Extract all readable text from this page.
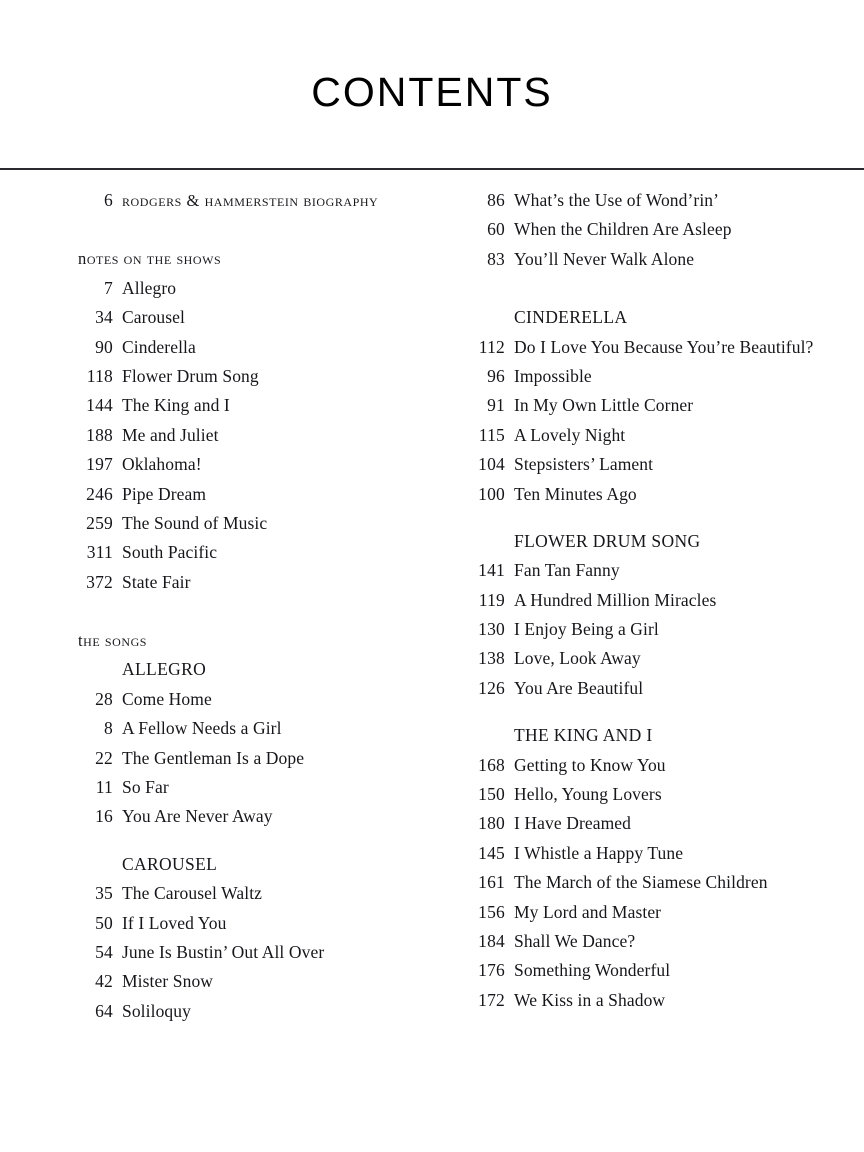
CONTENTS
6 rodgers & hammerstein biography
notes on the shows
7 Allegro
34 Carousel
90 Cinderella
118 Flower Drum Song
144 The King and I
188 Me and Juliet
197 Oklahoma!
246 Pipe Dream
259 The Sound of Music
311 South Pacific
372 State Fair
the songs
ALLEGRO
28 Come Home
8 A Fellow Needs a Girl
22 The Gentleman Is a Dope
11 So Far
16 You Are Never Away
CAROUSEL
35 The Carousel Waltz
50 If I Loved You
54 June Is Bustin’ Out All Over
42 Mister Snow
64 Soliloquy
86 What’s the Use of Wond’rin’
60 When the Children Are Asleep
83 You’ll Never Walk Alone
CINDERELLA
112 Do I Love You Because You’re Beautiful?
96 Impossible
91 In My Own Little Corner
115 A Lovely Night
104 Stepsisters’ Lament
100 Ten Minutes Ago
FLOWER DRUM SONG
141 Fan Tan Fanny
119 A Hundred Million Miracles
130 I Enjoy Being a Girl
138 Love, Look Away
126 You Are Beautiful
THE KING AND I
168 Getting to Know You
150 Hello, Young Lovers
180 I Have Dreamed
145 I Whistle a Happy Tune
161 The March of the Siamese Children
156 My Lord and Master
184 Shall We Dance?
176 Something Wonderful
172 We Kiss in a Shadow
